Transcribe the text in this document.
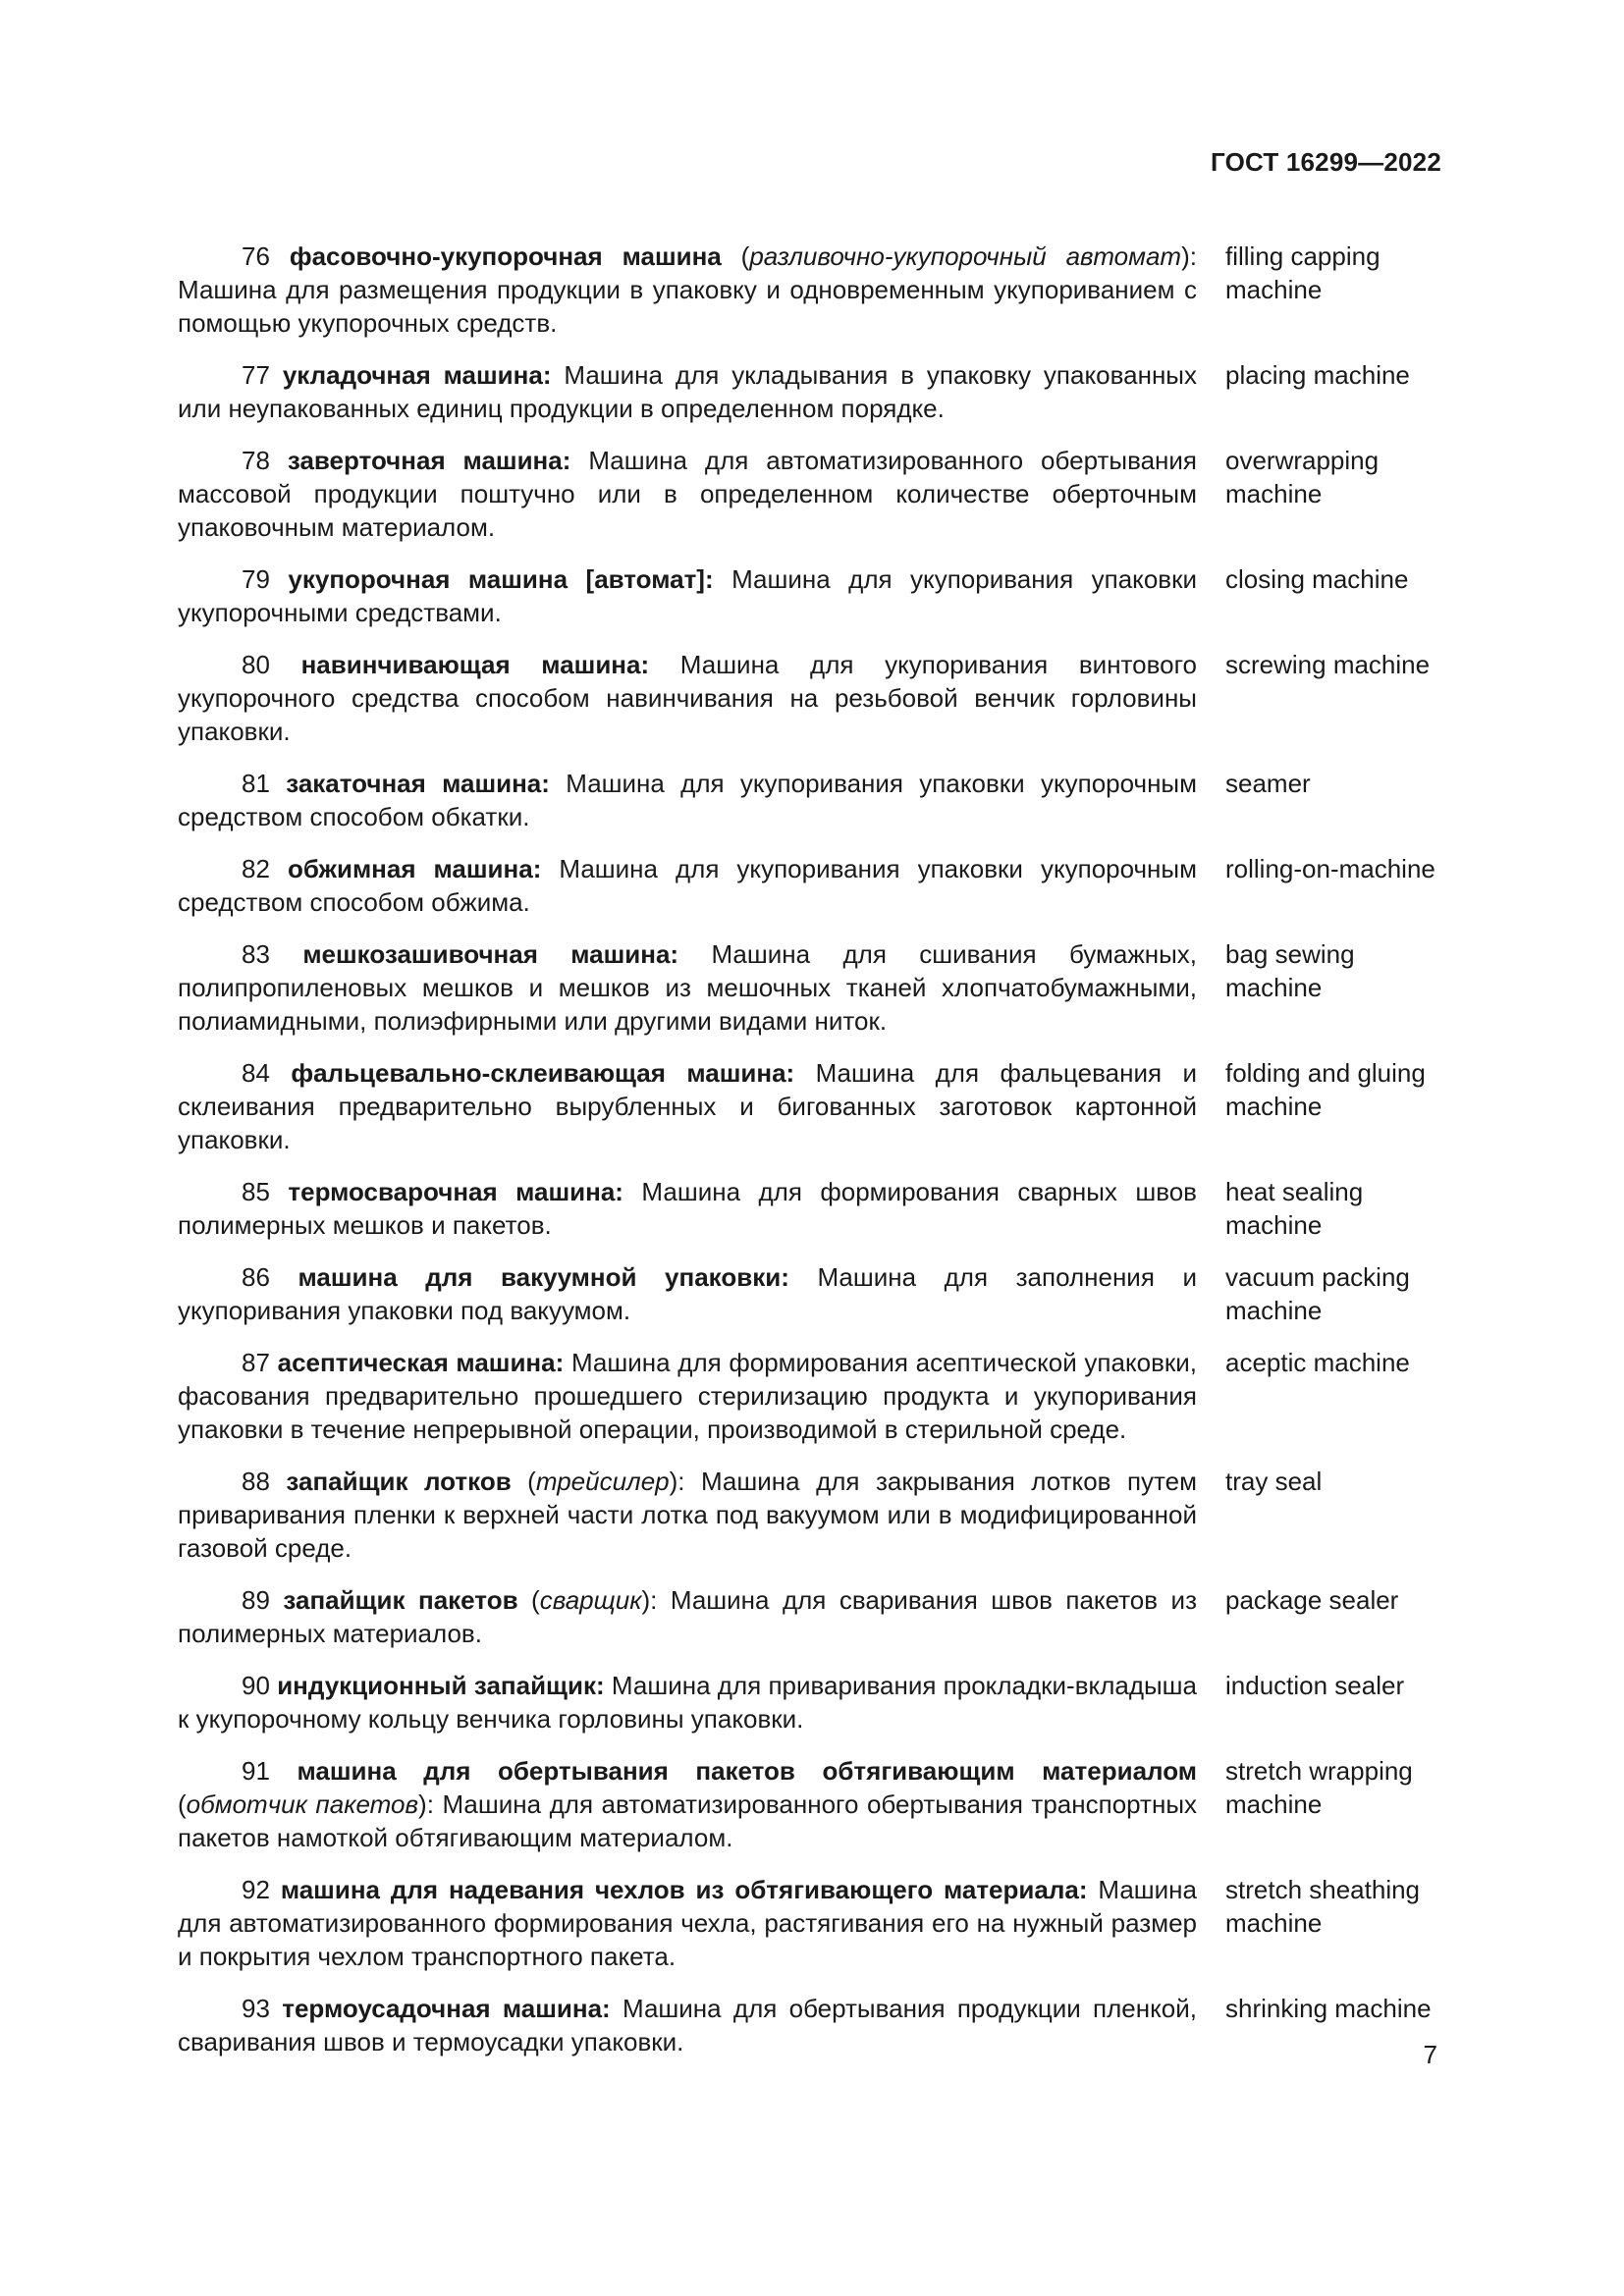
ГОСТ 16299—2022
76 фасовочно-укупорочная машина (разливочно-укупорочный автомат): Машина для размещения продукции в упаковку и одновременным укупориванием с помощью укупорочных средств.
filling capping machine
77 укладочная машина: Машина для укладывания в упаковку упакованных или неупакованных единиц продукции в определенном порядке.
placing machine
78 заверточная машина: Машина для автоматизированного обертывания массовой продукции поштучно или в определенном количестве оберточным упаковочным материалом.
overwrapping machine
79 укупорочная машина [автомат]: Машина для укупоривания упаковки укупорочными средствами.
closing machine
80 навинчивающая машина: Машина для укупоривания винтового укупорочного средства способом навинчивания на резьбовой венчик горловины упаковки.
screwing machine
81 закаточная машина: Машина для укупоривания упаковки укупорочным средством способом обкатки.
seamer
82 обжимная машина: Машина для укупоривания упаковки укупорочным средством способом обжима.
rolling-on-machine
83 мешкозашивочная машина: Машина для сшивания бумажных, полипропиленовых мешков и мешков из мешочных тканей хлопчатобумажными, полиамидными, полиэфирными или другими видами ниток.
bag sewing machine
84 фальцевально-склеивающая машина: Машина для фальцевания и склеивания предварительно вырубленных и бигованных заготовок картонной упаковки.
folding and gluing machine
85 термосварочная машина: Машина для формирования сварных швов полимерных мешков и пакетов.
heat sealing machine
86 машина для вакуумной упаковки: Машина для заполнения и укупоривания упаковки под вакуумом.
vacuum packing machine
87 асептическая машина: Машина для формирования асептической упаковки, фасования предварительно прошедшего стерилизацию продукта и укупоривания упаковки в течение непрерывной операции, производимой в стерильной среде.
aceptic machine
88 запайщик лотков (трейсилер): Машина для закрывания лотков путем приваривания пленки к верхней части лотка под вакуумом или в модифицированной газовой среде.
tray seal
89 запайщик пакетов (сварщик): Машина для сваривания швов пакетов из полимерных материалов.
package sealer
90 индукционный запайщик: Машина для приваривания прокладки-вкладыша к укупорочному кольцу венчика горловины упаковки.
induction sealer
91 машина для обертывания пакетов обтягивающим материалом (обмотчик пакетов): Машина для автоматизированного обертывания транспортных пакетов намоткой обтягивающим материалом.
stretch wrapping machine
92 машина для надевания чехлов из обтягивающего материала: Машина для автоматизированного формирования чехла, растягивания его на нужный размер и покрытия чехлом транспортного пакета.
stretch sheathing machine
93 термоусадочная машина: Машина для обертывания продукции пленкой, сваривания швов и термоусадки упаковки.
shrinking machine
7
